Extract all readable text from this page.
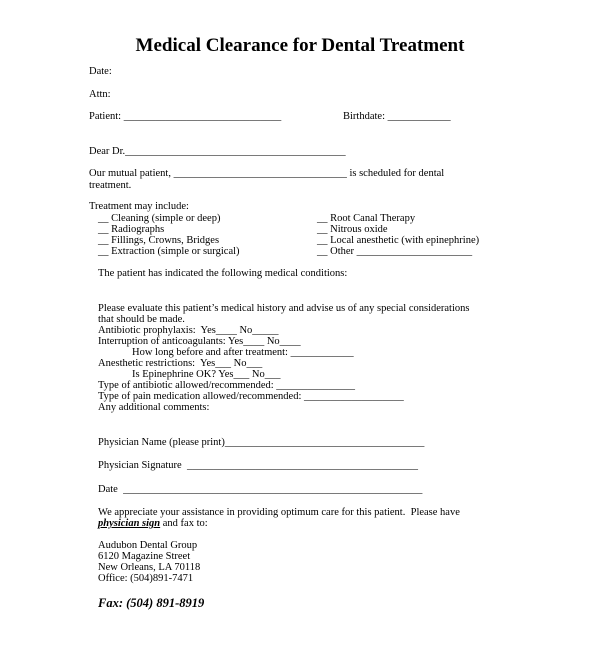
Medical Clearance for Dental Treatment
Date:
Attn:
Patient: ______________________________	Birthdate: ____________
Dear Dr.__________________________________________
Our mutual patient, _________________________________ is scheduled for dental
treatment.
Treatment may include:
__ Cleaning (simple or deep)
__ Radiographs
__ Fillings, Crowns, Bridges
__ Extraction (simple or surgical)
__ Root Canal Therapy
__ Nitrous oxide
__ Local anesthetic (with epinephrine)
__ Other ______________________
The patient has indicated the following medical conditions:
Please evaluate this patient’s medical history and advise us of any special considerations
that should be made.
Antibiotic prophylaxis:  Yes____ No_____
Interruption of anticoagulants: Yes____ No____
How long before and after treatment: ____________
Anesthetic restrictions:  Yes___ No___
Is Epinephrine OK? Yes___ No___
Type of antibiotic allowed/recommended: _______________
Type of pain medication allowed/recommended: ___________________
Any additional comments:
Physician Name (please print)______________________________________
Physician Signature  ____________________________________________
Date  _________________________________________________________
We appreciate your assistance in providing optimum care for this patient.  Please have
physician sign and fax to:
Audubon Dental Group
6120 Magazine Street
New Orleans, LA 70118
Office: (504)891-7471
Fax: (504) 891-8919
